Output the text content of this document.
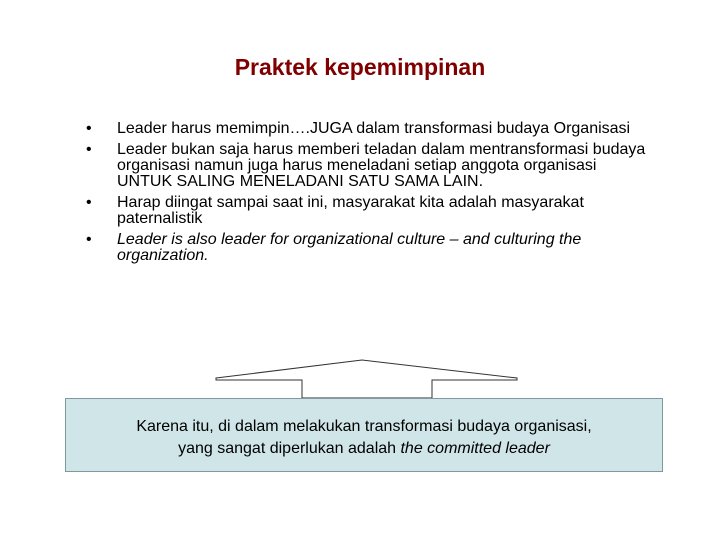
Praktek kepemimpinan
• Leader harus memimpin….JUGA dalam transformasi budaya Organisasi
• Leader bukan saja harus memberi teladan dalam mentransformasi budaya organisasi namun juga harus meneladani setiap anggota organisasi UNTUK SALING MENELADANI SATU SAMA LAIN.
• Harap diingat sampai saat ini, masyarakat kita adalah masyarakat paternalistik
• Leader is also leader for organizational culture – and culturing the organization.
Karena itu, di dalam melakukan transformasi budaya organisasi,
yang sangat diperlukan adalah the committed leader
